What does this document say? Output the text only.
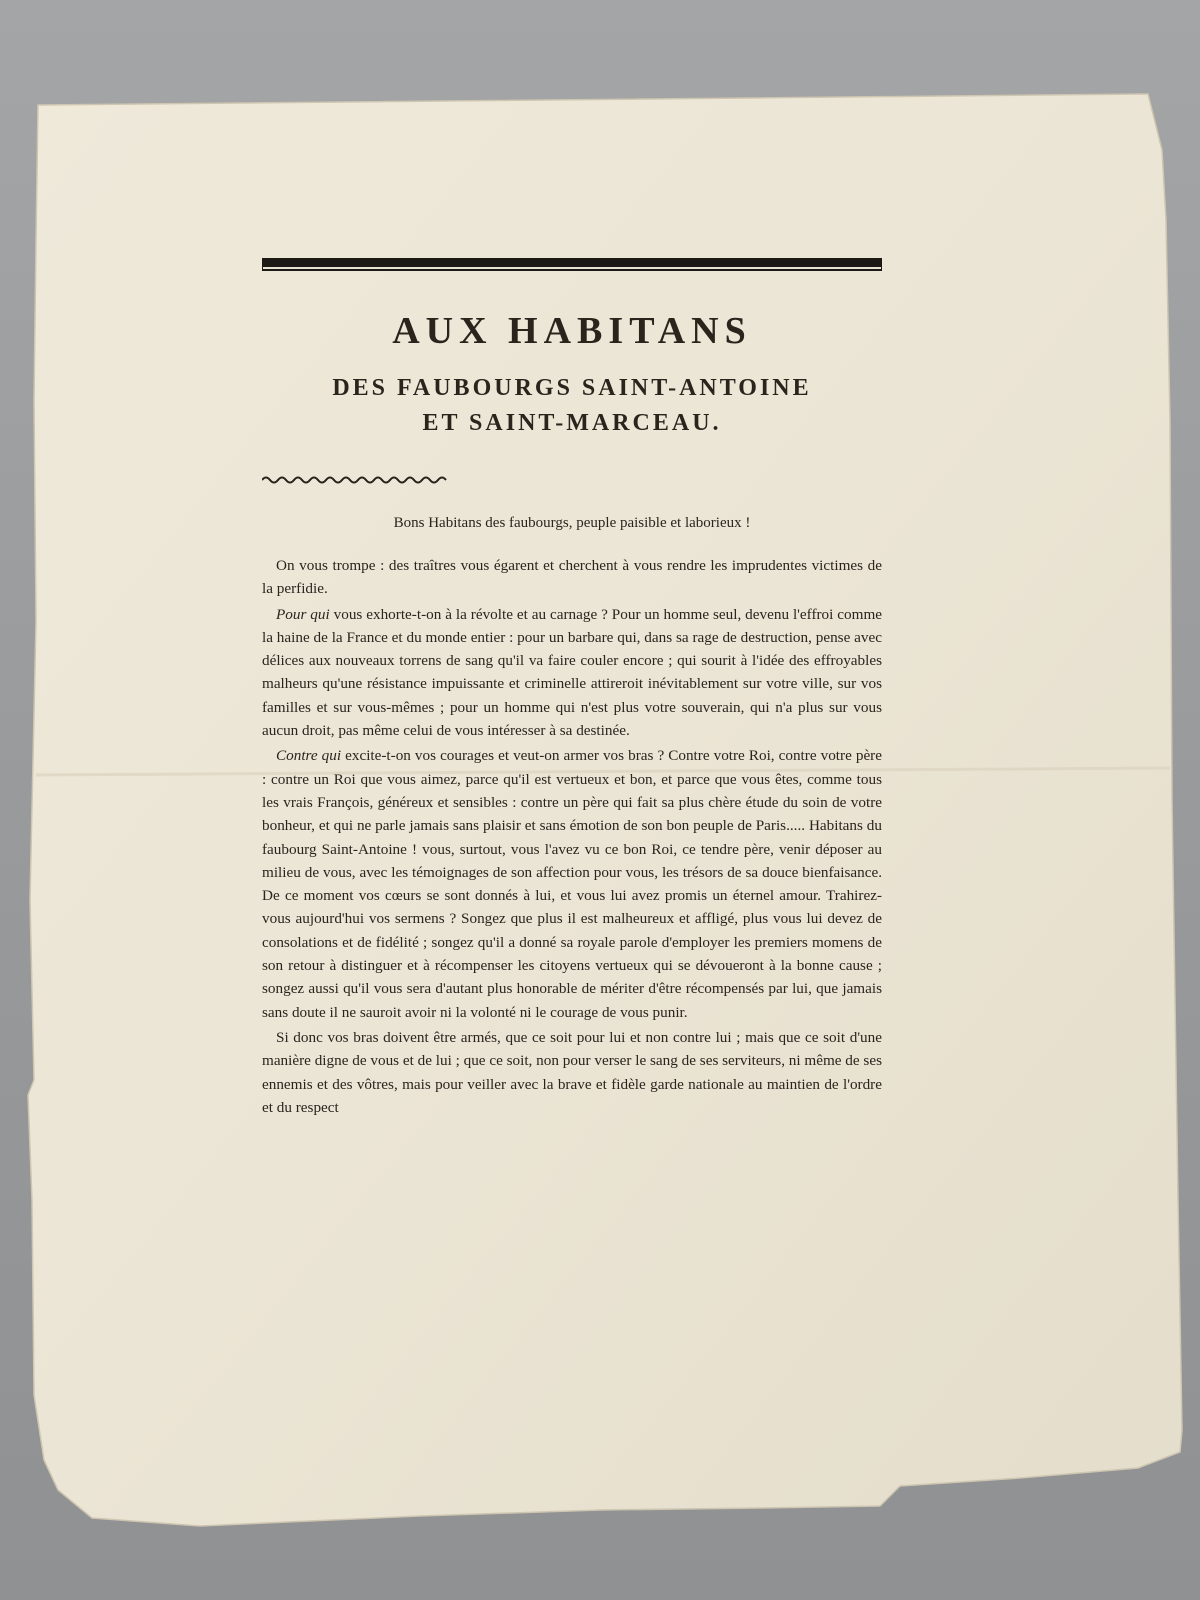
AUX HABITANS
DES FAUBOURGS SAINT-ANTOINE
ET SAINT-MARCEAU.

Bons Habitans des faubourgs, peuple paisible et laborieux !

On vous trompe : des traîtres vous égarent et cherchent à vous rendre les imprudentes victimes de la perfidie.

Pour qui vous exhorte-t-on à la révolte et au carnage ? Pour un homme seul, devenu l'effroi comme la haine de la France et du monde entier : pour un barbare qui, dans sa rage de destruction, pense avec délices aux nouveaux torrens de sang qu'il va faire couler encore ; qui sourit à l'idée des effroyables malheurs qu'une résistance impuissante et criminelle attireroit inévitablement sur votre ville, sur vos familles et sur vous-mêmes ; pour un homme qui n'est plus votre souverain, qui n'a plus sur vous aucun droit, pas même celui de vous intéresser à sa destinée.

Contre qui excite-t-on vos courages et veut-on armer vos bras ? Contre votre Roi, contre votre père : contre un Roi que vous aimez, parce qu'il est vertueux et bon, et parce que vous êtes, comme tous les vrais François, généreux et sensibles : contre un père qui fait sa plus chère étude du soin de votre bonheur, et qui ne parle jamais sans plaisir et sans émotion de son bon peuple de Paris..... Habitans du faubourg Saint-Antoine ! vous, surtout, vous l'avez vu ce bon Roi, ce tendre père, venir déposer au milieu de vous, avec les témoignages de son affection pour vous, les trésors de sa douce bienfaisance. De ce moment vos cœurs se sont donnés à lui, et vous lui avez promis un éternel amour. Trahirez-vous aujourd'hui vos sermens ? Songez que plus il est malheureux et affligé, plus vous lui devez de consolations et de fidélité ; songez qu'il a donné sa royale parole d'employer les premiers momens de son retour à distinguer et à récompenser les citoyens vertueux qui se dévoueront à la bonne cause ; songez aussi qu'il vous sera d'autant plus honorable de mériter d'être récompensés par lui, que jamais sans doute il ne sauroit avoir ni la volonté ni le courage de vous punir.

Si donc vos bras doivent être armés, que ce soit pour lui et non contre lui ; mais que ce soit d'une manière digne de vous et de lui ; que ce soit, non pour verser le sang de ses serviteurs, ni même de ses ennemis et des vôtres, mais pour veiller avec la brave et fidèle garde nationale au maintien de l'ordre et du respect
